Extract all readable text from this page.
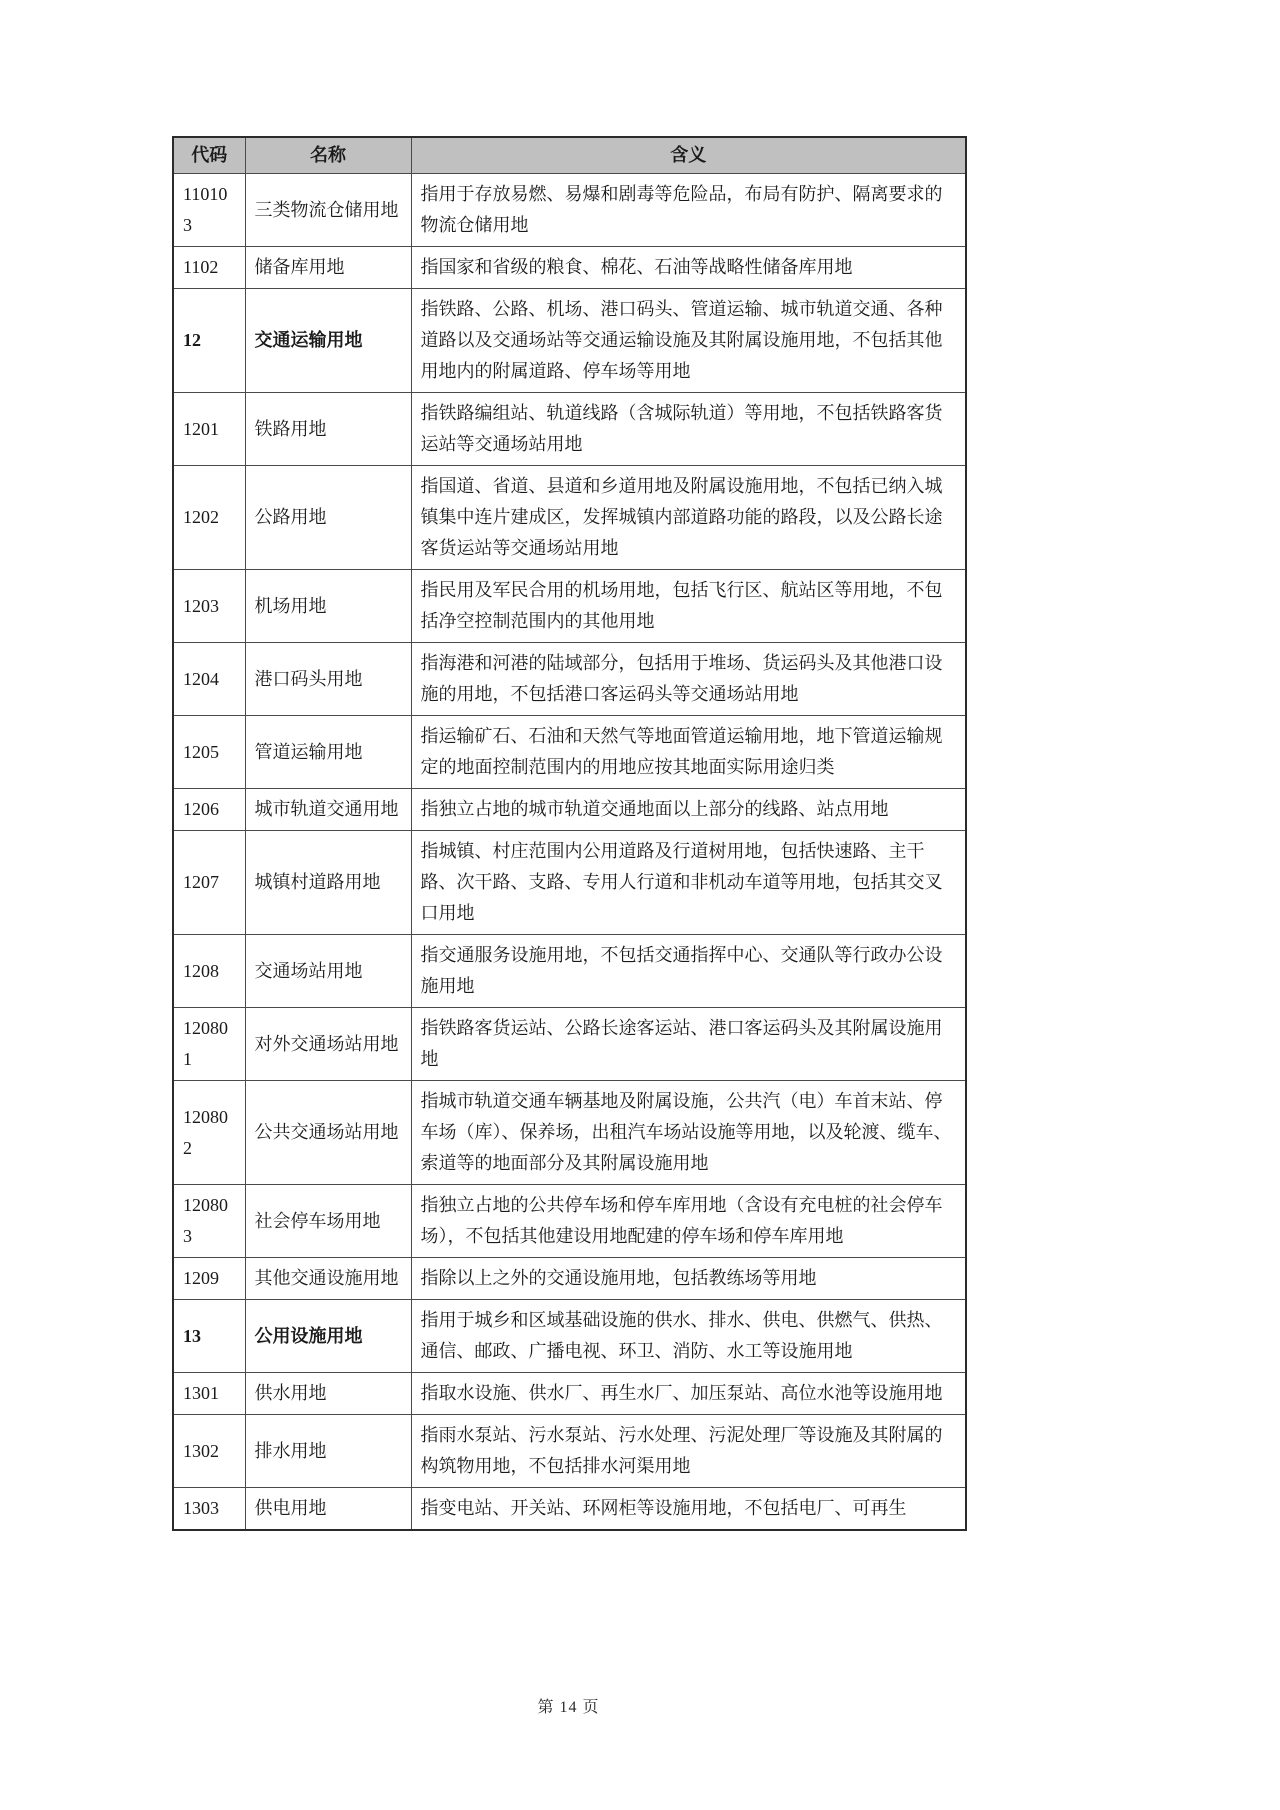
代码	名称	含义
110103	三类物流仓储用地	指用于存放易燃、易爆和剧毒等危险品，布局有防护、隔离要求的物流仓储用地
1102	储备库用地	指国家和省级的粮食、棉花、石油等战略性储备库用地
12	交通运输用地	指铁路、公路、机场、港口码头、管道运输、城市轨道交通、各种道路以及交通场站等交通运输设施及其附属设施用地，不包括其他用地内的附属道路、停车场等用地
1201	铁路用地	指铁路编组站、轨道线路（含城际轨道）等用地，不包括铁路客货运站等交通场站用地
1202	公路用地	指国道、省道、县道和乡道用地及附属设施用地，不包括已纳入城镇集中连片建成区，发挥城镇内部道路功能的路段，以及公路长途客货运站等交通场站用地
1203	机场用地	指民用及军民合用的机场用地，包括飞行区、航站区等用地，不包括净空控制范围内的其他用地
1204	港口码头用地	指海港和河港的陆域部分，包括用于堆场、货运码头及其他港口设施的用地，不包括港口客运码头等交通场站用地
1205	管道运输用地	指运输矿石、石油和天然气等地面管道运输用地，地下管道运输规定的地面控制范围内的用地应按其地面实际用途归类
1206	城市轨道交通用地	指独立占地的城市轨道交通地面以上部分的线路、站点用地
1207	城镇村道路用地	指城镇、村庄范围内公用道路及行道树用地，包括快速路、主干路、次干路、支路、专用人行道和非机动车道等用地，包括其交叉口用地
1208	交通场站用地	指交通服务设施用地，不包括交通指挥中心、交通队等行政办公设施用地
120801	对外交通场站用地	指铁路客货运站、公路长途客运站、港口客运码头及其附属设施用地
120802	公共交通场站用地	指城市轨道交通车辆基地及附属设施，公共汽（电）车首末站、停车场（库）、保养场，出租汽车场站设施等用地，以及轮渡、缆车、索道等的地面部分及其附属设施用地
120803	社会停车场用地	指独立占地的公共停车场和停车库用地（含设有充电桩的社会停车场），不包括其他建设用地配建的停车场和停车库用地
1209	其他交通设施用地	指除以上之外的交通设施用地，包括教练场等用地
13	公用设施用地	指用于城乡和区域基础设施的供水、排水、供电、供燃气、供热、通信、邮政、广播电视、环卫、消防、水工等设施用地
1301	供水用地	指取水设施、供水厂、再生水厂、加压泵站、高位水池等设施用地
1302	排水用地	指雨水泵站、污水泵站、污水处理、污泥处理厂等设施及其附属的构筑物用地，不包括排水河渠用地
1303	供电用地	指变电站、开关站、环网柜等设施用地，不包括电厂、可再生
第 14 页
